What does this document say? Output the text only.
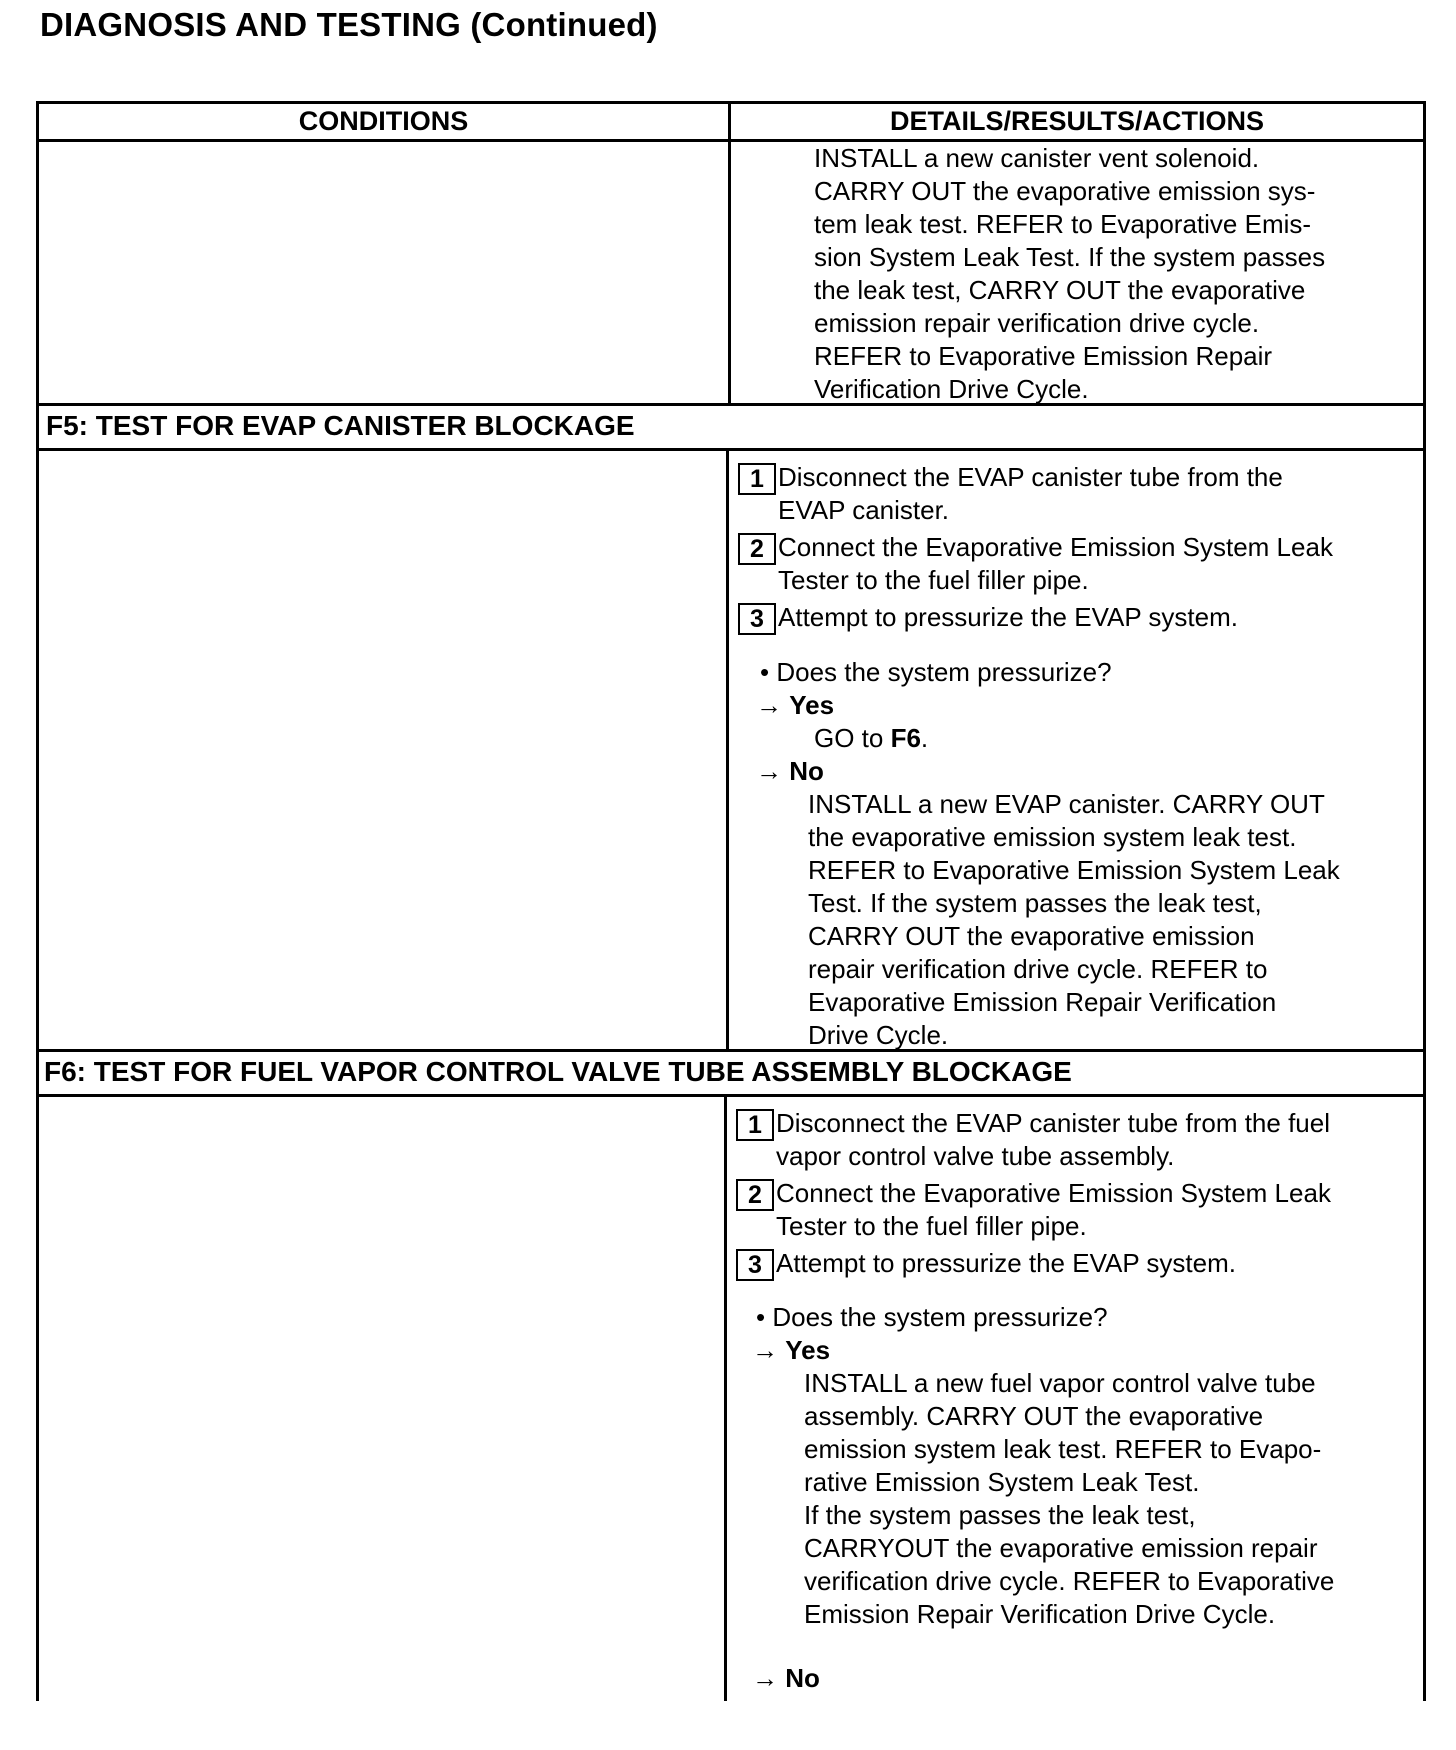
DIAGNOSIS AND TESTING (Continued)
CONDITIONS	DETAILS/RESULTS/ACTIONS
INSTALL a new canister vent solenoid.
CARRY OUT the evaporative emission sys-
tem leak test. REFER to Evaporative Emis-
sion System Leak Test. If the system passes
the leak test, CARRY OUT the evaporative
emission repair verification drive cycle.
REFER to Evaporative Emission Repair
Verification Drive Cycle.
F5: TEST FOR EVAP CANISTER BLOCKAGE
1 Disconnect the EVAP canister tube from the
EVAP canister.
2 Connect the Evaporative Emission System Leak
Tester to the fuel filler pipe.
3 Attempt to pressurize the EVAP system.
• Does the system pressurize?
→ Yes
GO to F6.
→ No
INSTALL a new EVAP canister. CARRY OUT
the evaporative emission system leak test.
REFER to Evaporative Emission System Leak
Test. If the system passes the leak test,
CARRY OUT the evaporative emission
repair verification drive cycle. REFER to
Evaporative Emission Repair Verification
Drive Cycle.
F6: TEST FOR FUEL VAPOR CONTROL VALVE TUBE ASSEMBLY BLOCKAGE
1 Disconnect the EVAP canister tube from the fuel
vapor control valve tube assembly.
2 Connect the Evaporative Emission System Leak
Tester to the fuel filler pipe.
3 Attempt to pressurize the EVAP system.
• Does the system pressurize?
→ Yes
INSTALL a new fuel vapor control valve tube
assembly. CARRY OUT the evaporative
emission system leak test. REFER to Evapo-
rative Emission System Leak Test.
If the system passes the leak test,
CARRYOUT the evaporative emission repair
verification drive cycle. REFER to Evaporative
Emission Repair Verification Drive Cycle.
→ No
